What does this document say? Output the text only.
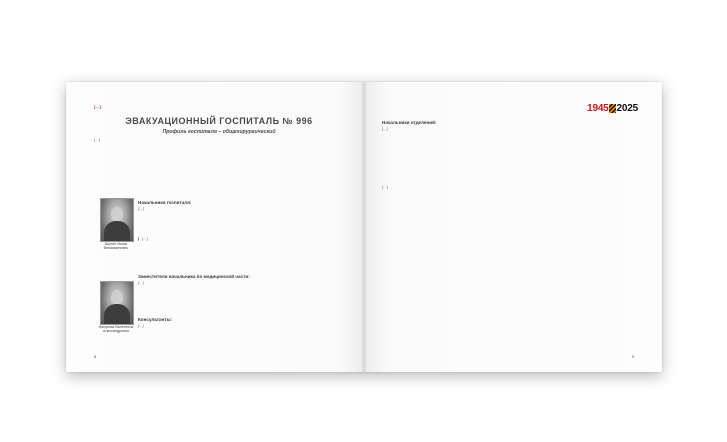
[…]
ЭВАКУАЦИОННЫЙ ГОСПИТАЛЬ № 996
Профиль госпиталя – общехирургический
[…]
Шулин Исаак Вениаминович
Начальники госпиталя:
[…]
[…]
Нагорная Валентина Александровна
Заместители начальника по медицинской части:
[…]
Консультанты:
[…]
8
1945 2025
Начальники отделений:
[…]
[…]
9
